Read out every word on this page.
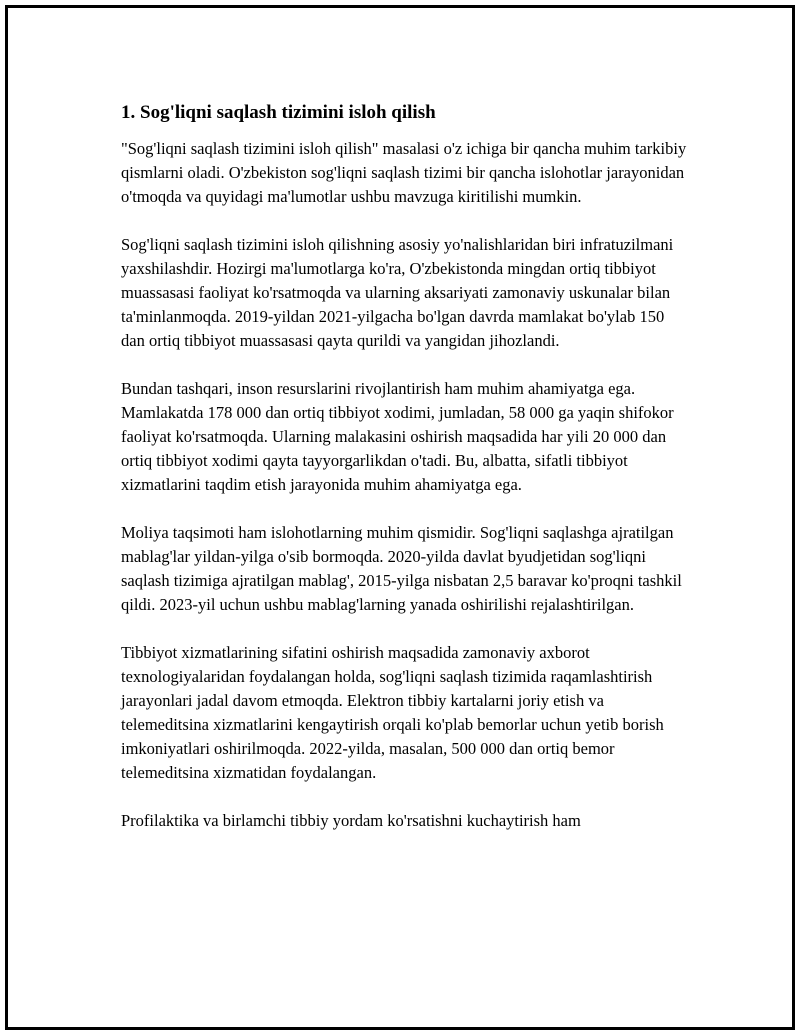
1. Sog'liqni saqlash tizimini isloh qilish

"Sog'liqni saqlash tizimini isloh qilish" masalasi o'z ichiga bir qancha muhim tarkibiy qismlarni oladi. O'zbekiston sog'liqni saqlash tizimi bir qancha islohotlar jarayonidan o'tmoqda va quyidagi ma'lumotlar ushbu mavzuga kiritilishi mumkin.

Sog'liqni saqlash tizimini isloh qilishning asosiy yo'nalishlaridan biri infratuzilmani yaxshilashdir. Hozirgi ma'lumotlarga ko'ra, O'zbekistonda mingdan ortiq tibbiyot muassasasi faoliyat ko'rsatmoqda va ularning aksariyati zamonaviy uskunalar bilan ta'minlanmoqda. 2019-yildan 2021-yilgacha bo'lgan davrda mamlakat bo'ylab 150 dan ortiq tibbiyot muassasasi qayta qurildi va yangidan jihozlandi.

Bundan tashqari, inson resurslarini rivojlantirish ham muhim ahamiyatga ega. Mamlakatda 178 000 dan ortiq tibbiyot xodimi, jumladan, 58 000 ga yaqin shifokor faoliyat ko'rsatmoqda. Ularning malakasini oshirish maqsadida har yili 20 000 dan ortiq tibbiyot xodimi qayta tayyorgarlikdan o'tadi. Bu, albatta, sifatli tibbiyot xizmatlarini taqdim etish jarayonida muhim ahamiyatga ega.

Moliya taqsimoti ham islohotlarning muhim qismidir. Sog'liqni saqlashga ajratilgan mablag'lar yildan-yilga o'sib bormoqda. 2020-yilda davlat byudjetidan sog'liqni saqlash tizimiga ajratilgan mablag', 2015-yilga nisbatan 2,5 baravar ko'proqni tashkil qildi. 2023-yil uchun ushbu mablag'larning yanada oshirilishi rejalashtirilgan.

Tibbiyot xizmatlarining sifatini oshirish maqsadida zamonaviy axborot texnologiyalaridan foydalangan holda, sog'liqni saqlash tizimida raqamlashtirish jarayonlari jadal davom etmoqda. Elektron tibbiy kartalarni joriy etish va telemeditsina xizmatlarini kengaytirish orqali ko'plab bemorlar uchun yetib borish imkoniyatlari oshirilmoqda. 2022-yilda, masalan, 500 000 dan ortiq bemor telemeditsina xizmatidan foydalangan.

Profilaktika va birlamchi tibbiy yordam ko'rsatishni kuchaytirish ham
